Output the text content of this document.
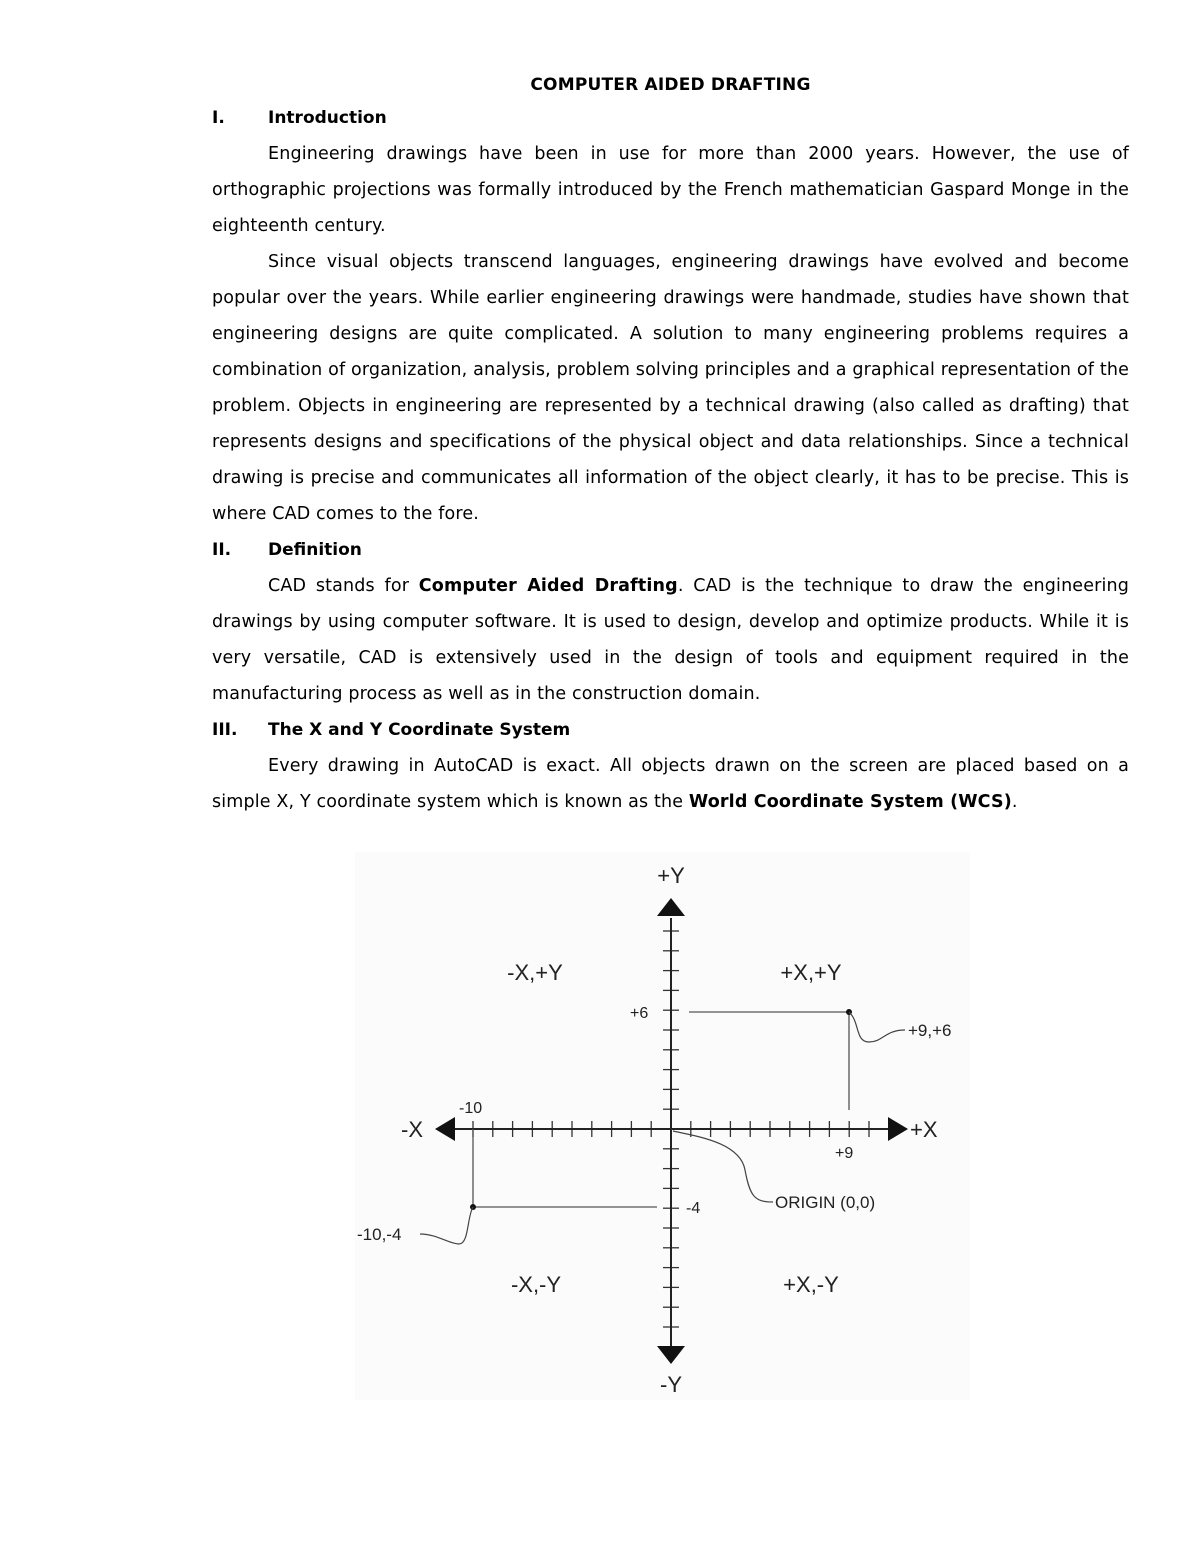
COMPUTER AIDED DRAFTING
I.	Introduction

Engineering drawings have been in use for more than 2000 years. However, the use of orthographic projections was formally introduced by the French mathematician Gaspard Monge in the eighteenth century.

Since visual objects transcend languages, engineering drawings have evolved and become popular over the years. While earlier engineering drawings were handmade, studies have shown that engineering designs are quite complicated. A solution to many engineering problems requires a combination of organization, analysis, problem solving principles and a graphical representation of the problem. Objects in engineering are represented by a technical drawing (also called as drafting) that represents designs and specifications of the physical object and data relationships. Since a technical drawing is precise and communicates all information of the object clearly, it has to be precise. This is where CAD comes to the fore.

II. Definition

CAD stands for Computer Aided Drafting. CAD is the technique to draw the engineering drawings by using computer software. It is used to design, develop and optimize products. While it is very versatile, CAD is extensively used in the design of tools and equipment required in the manufacturing process as well as in the construction domain.

III. The X and Y Coordinate System

Every drawing in AutoCAD is exact. All objects drawn on the screen are placed based on a simple X, Y coordinate system which is known as the World Coordinate System (WCS).

+Y
-Y
-X	+X
-X,+Y	+X,+Y
-X,-Y	+X,-Y
+6
-10
+9
-4
+9,+6
-10,-4
ORIGIN (0,0)
